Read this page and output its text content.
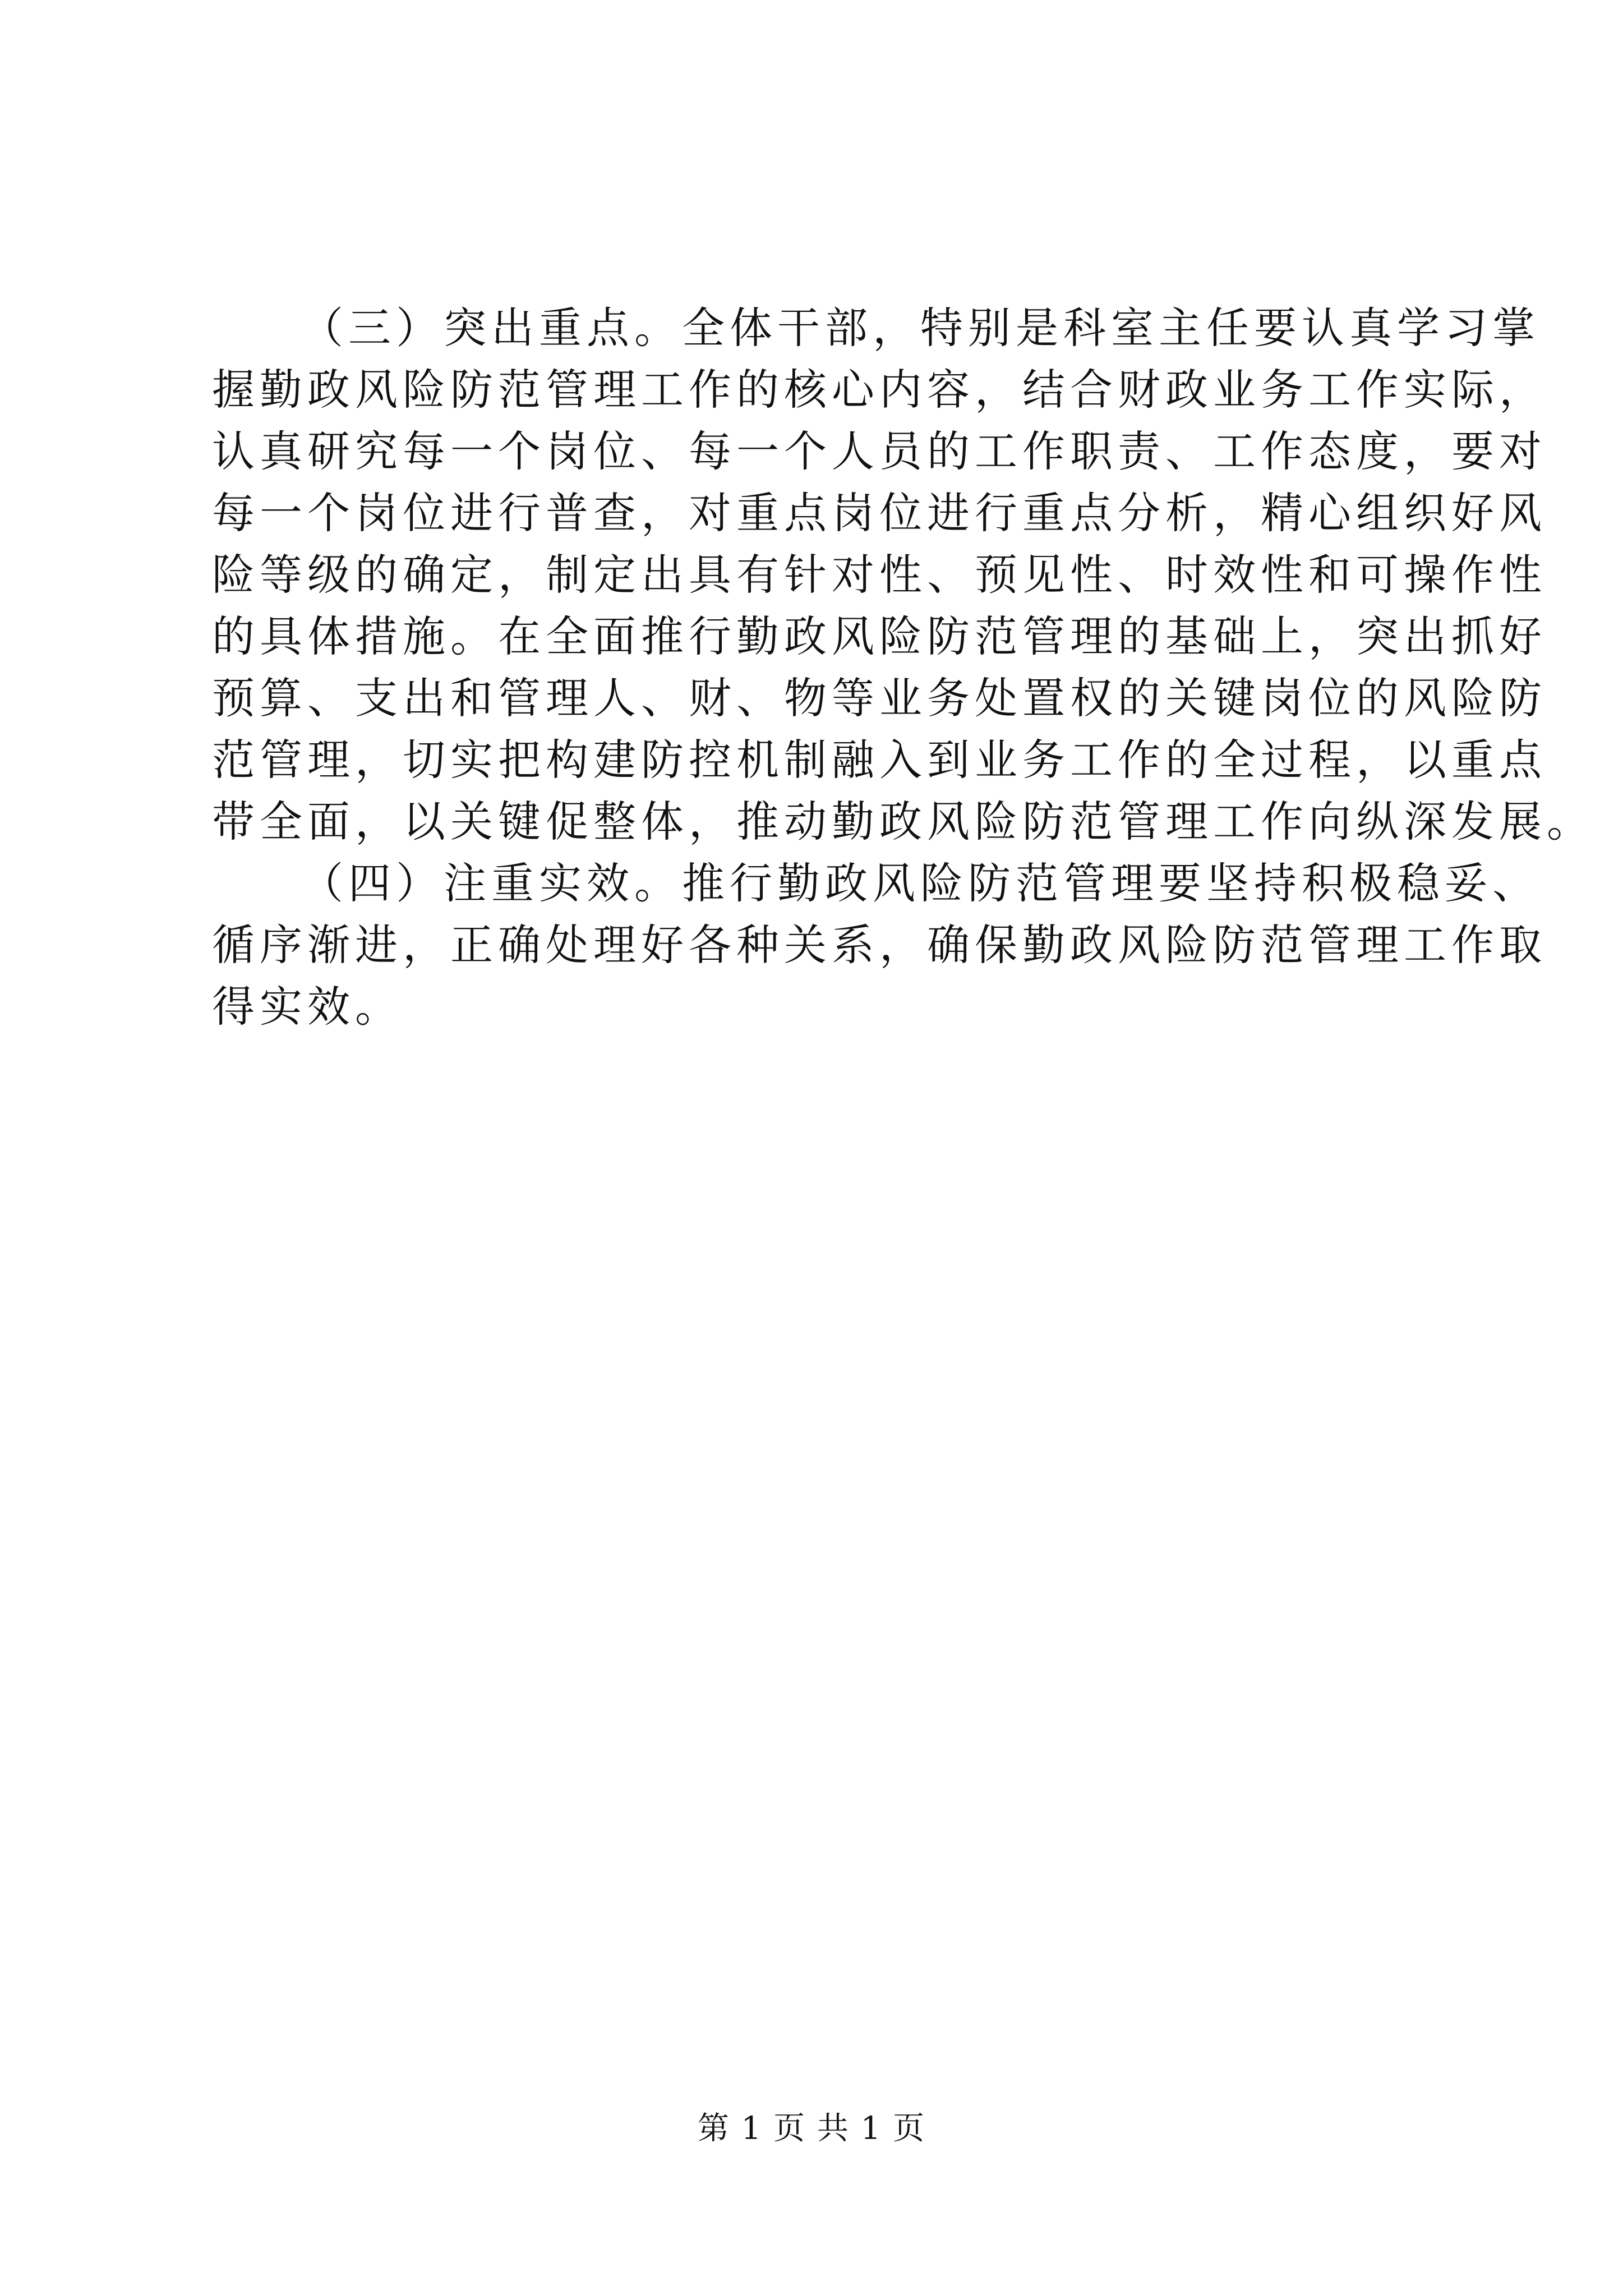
（三）突出重点。全体干部，特别是科室主任要认真学习掌
握勤政风险防范管理工作的核心内容，结合财政业务工作实际，
认真研究每一个岗位、每一个人员的工作职责、工作态度，要对
每一个岗位进行普查，对重点岗位进行重点分析，精心组织好风
险等级的确定，制定出具有针对性、预见性、时效性和可操作性
的具体措施。在全面推行勤政风险防范管理的基础上，突出抓好
预算、支出和管理人、财、物等业务处置权的关键岗位的风险防
范管理，切实把构建防控机制融入到业务工作的全过程，以重点
带全面，以关键促整体，推动勤政风险防范管理工作向纵深发展。
（四）注重实效。推行勤政风险防范管理要坚持积极稳妥、
循序渐进，正确处理好各种关系，确保勤政风险防范管理工作取
得实效。
第 1 页 共 1 页
